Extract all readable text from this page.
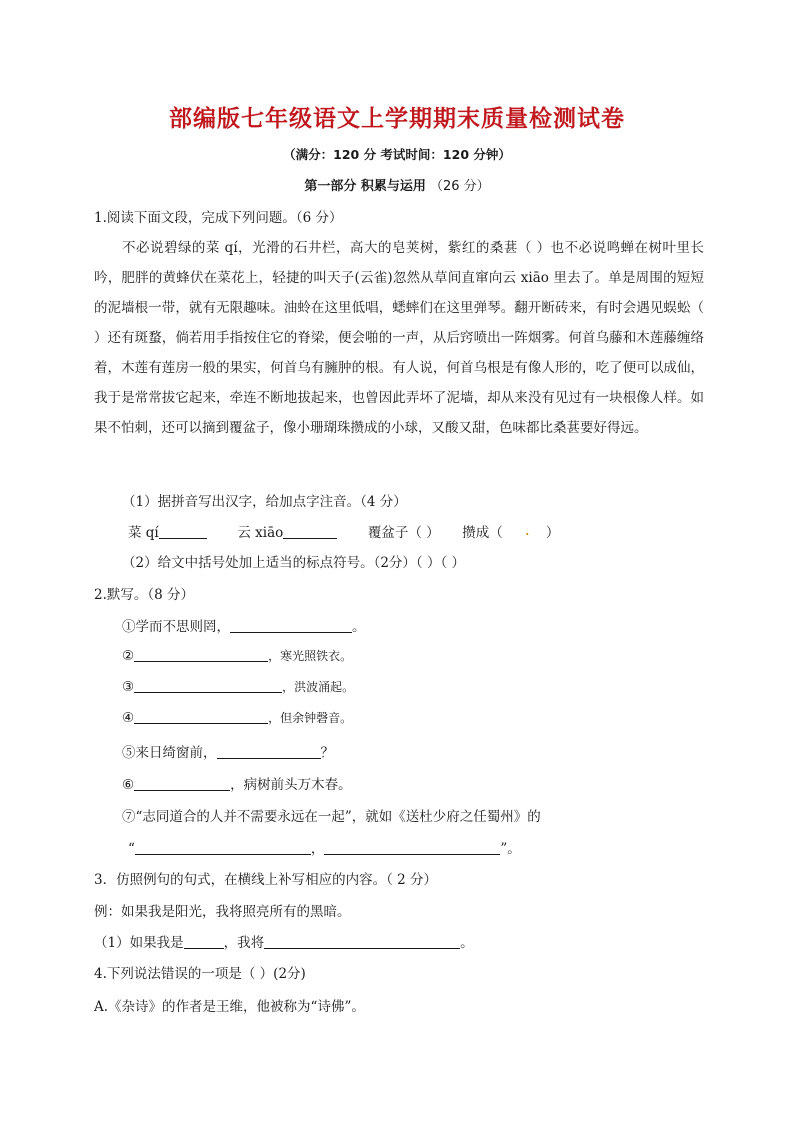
部编版七年级语文上学期期末质量检测试卷
（满分：120 分 考试时间：120 分钟）
第一部分 积累与运用 （26 分）
1.阅读下面文段，完成下列问题。（6 分）
不必说碧绿的菜 qí，光滑的石井栏，高大的皂荚树，紫红的桑葚（ ）也不必说鸣蝉在树叶里长吟，肥胖的黄蜂伏在菜花上，轻捷的叫天子(云雀)忽然从草间直窜向云 xiāo 里去了。单是周围的短短的泥墙根一带，就有无限趣味。油蛉在这里低唱，蟋蟀们在这里弹琴。翻开断砖来，有时会遇见蜈蚣（ ）还有斑蝥，倘若用手指按住它的脊梁，便会啪的一声，从后窍喷出一阵烟雾。何首乌藤和木莲藤缠络着，木莲有莲房一般的果实，何首乌有臃肿的根。有人说，何首乌根是有像人形的，吃了便可以成仙，我于是常常拔它起来，牵连不断地拔起来，也曾因此弄坏了泥墙，却从来没有见过有一块根像人样。如果不怕刺，还可以摘到覆盆子，像小珊瑚珠攒成的小球，又酸又甜，色味都比桑葚要好得远。
（1）据拼音写出汉字，给加点字注音。（4 分）
菜 qí	云 xiāo	覆盆子（ ） 攒成（ . ）
（2）给文中括号处加上适当的标点符号。（2分）（ ）（ ）
2.默写。（8 分）
①学而不思则罔，	。
②	，寒光照铁衣。
③	，洪波涌起。
④	，但余钟磬音。
⑤来日绮窗前，	？
⑥	，病树前头万木春。
⑦“志同道合的人并不需要永远在一起”，就如《送杜少府之任蜀州》的
“	，	”。
3．仿照例句的句式，在横线上补写相应的内容。（ 2 分）
例：如果我是阳光，我将照亮所有的黑暗。
（1）如果我是	，我将	。
4.下列说法错误的一项是（ ）(2分)
A.《杂诗》的作者是王维，他被称为“诗佛”。
